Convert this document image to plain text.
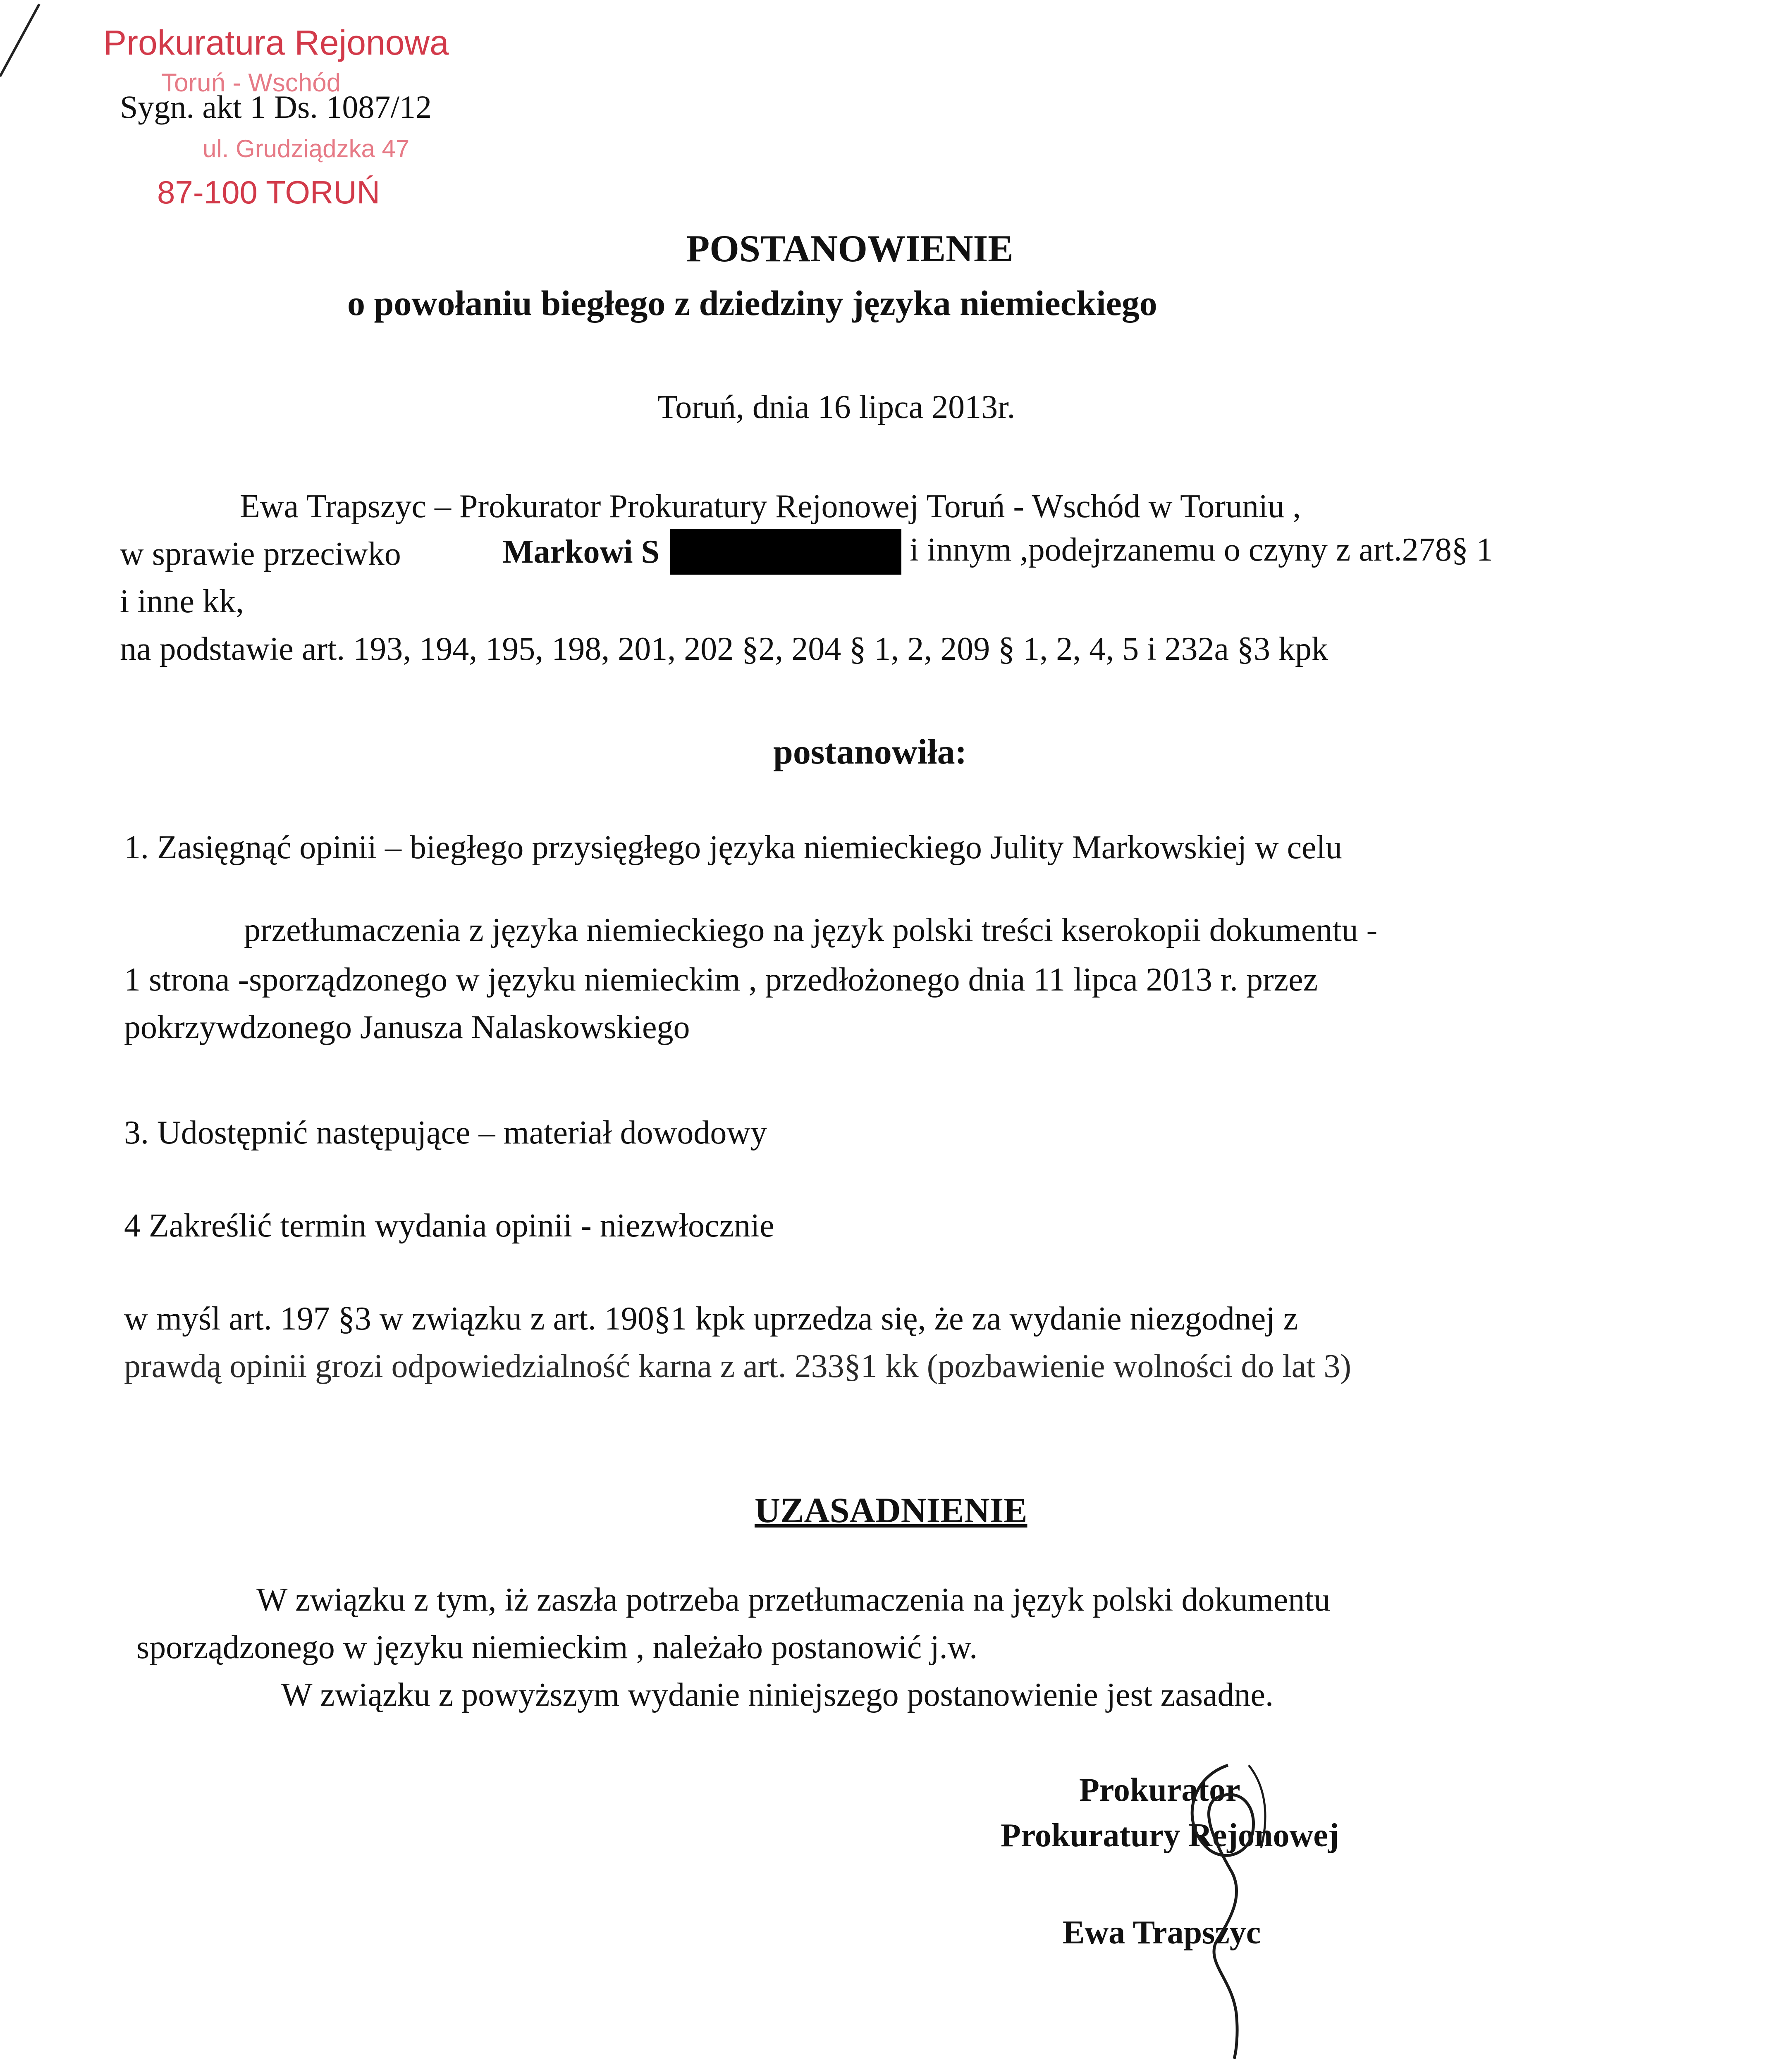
Prokuratura Rejonowa
Toruń - Wschód
ul. Grudziądzka 47
87-100 TORUŃ
Sygn. akt 1 Ds. 1087/12
POSTANOWIENIE
o powołaniu biegłego z dziedziny języka niemieckiego
Toruń, dnia 16 lipca 2013r.
Ewa Trapszyc – Prokurator Prokuratury Rejonowej Toruń - Wschód w Toruniu ,
w sprawie przeciwko	Markowi S	i innym ,podejrzanemu o czyny z art.278§ 1
i inne kk,
na podstawie art. 193, 194, 195, 198, 201, 202 §2, 204 § 1, 2, 209 § 1, 2, 4, 5 i 232a §3 kpk
postanowiła:
1. Zasięgnąć opinii – biegłego przysięgłego języka niemieckiego Julity Markowskiej w celu
przetłumaczenia z języka niemieckiego na język polski treści kserokopii dokumentu -
1 strona -sporządzonego w języku niemieckim , przedłożonego dnia 11 lipca 2013 r. przez
pokrzywdzonego Janusza Nalaskowskiego
3. Udostępnić następujące – materiał dowodowy
4 Zakreślić termin wydania opinii - niezwłocznie
w myśl art. 197 §3 w związku z art. 190§1 kpk uprzedza się, że za wydanie niezgodnej z
prawdą opinii grozi odpowiedzialność karna z art. 233§1 kk (pozbawienie wolności do lat 3)
UZASADNIENIE
W związku z tym, iż zaszła potrzeba przetłumaczenia na język polski dokumentu
sporządzonego w języku niemieckim , należało postanowić j.w.
W związku z powyższym wydanie niniejszego postanowienie jest zasadne.
Prokurator
Prokuratury Rejonowej
Ewa Trapszyc
